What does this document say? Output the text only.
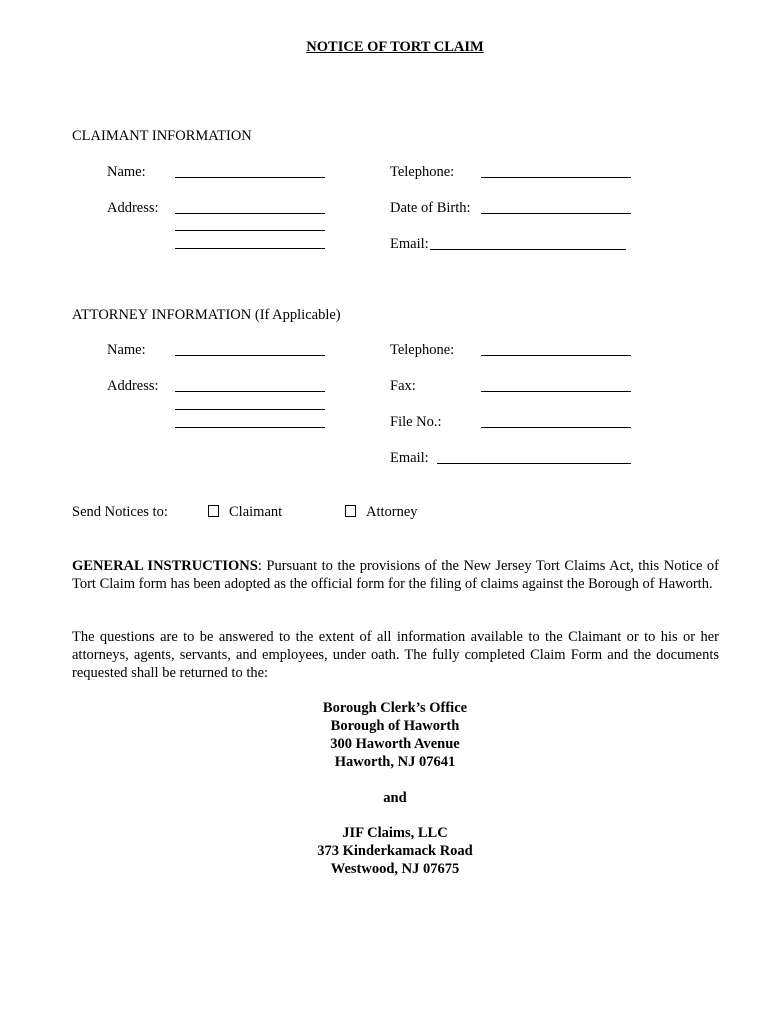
NOTICE OF TORT CLAIM
CLAIMANT INFORMATION
Name:	Telephone:
Address:	Date of Birth:
Email:
ATTORNEY INFORMATION (If Applicable)
Name:	Telephone:
Address:	Fax:
File No.:
Email:
Send Notices to:	Claimant	Attorney
GENERAL INSTRUCTIONS: Pursuant to the provisions of the New Jersey Tort Claims Act, this Notice of Tort Claim form has been adopted as the official form for the filing of claims against the Borough of Haworth.
The questions are to be answered to the extent of all information available to the Claimant or to his or her attorneys, agents, servants, and employees, under oath. The fully completed Claim Form and the documents requested shall be returned to the:
Borough Clerk’s Office
Borough of Haworth
300 Haworth Avenue
Haworth, NJ 07641
and
JIF Claims, LLC
373 Kinderkamack Road
Westwood, NJ 07675
